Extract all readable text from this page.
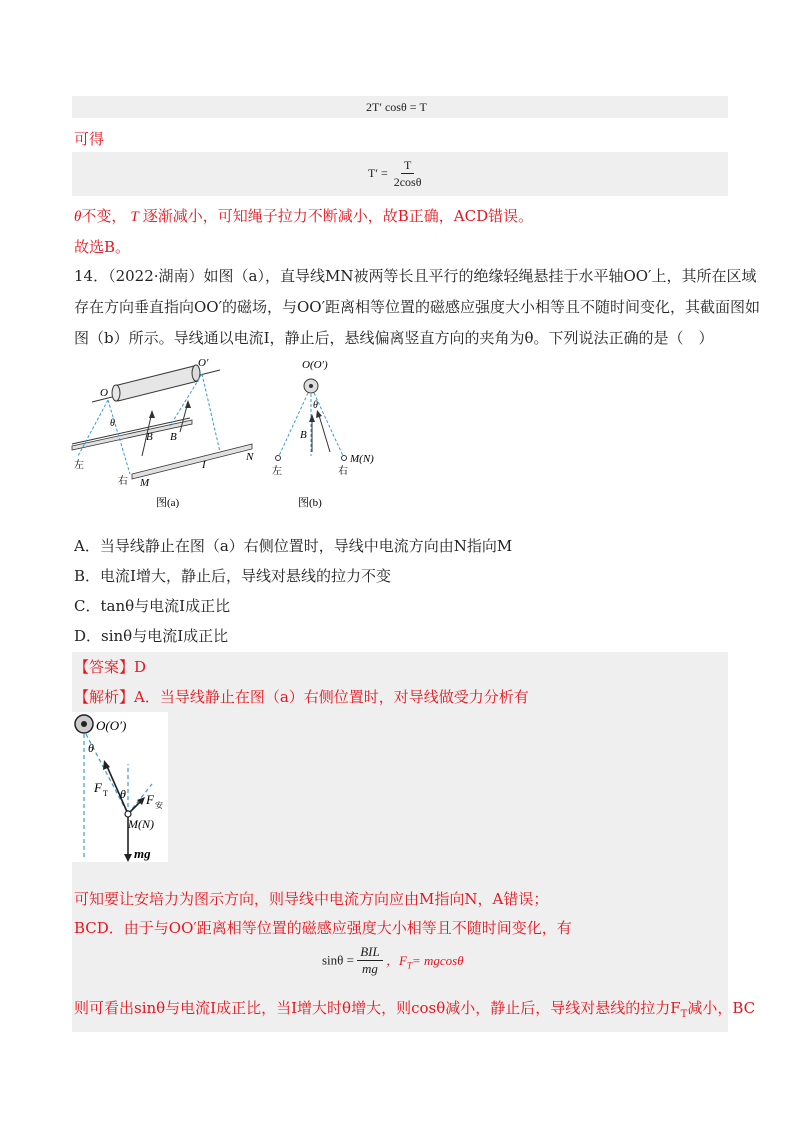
2T′ cosθ = T
可得
$T' = \frac{T}{2\cos\theta}$
θ不变， T 逐渐减小，可知绳子拉力不断减小，故B正确，ACD错误。
故选B。
14．（2022·湖南）如图（a），直导线MN被两等长且平行的绝缘轻绳悬挂于水平轴OO′上，其所在区域
存在方向垂直指向OO′的磁场，与OO′距离相等位置的磁感应强度大小相等且不随时间变化，其截面图如
图（b）所示。导线通以电流I，静止后，悬线偏离竖直方向的夹角为θ。下列说法正确的是（　）
O
O′
θ
B B
I
N
M
左
右
图(a)
O(O′)
θ
B
M(N)
左	右
图(b)
A．当导线静止在图（a）右侧位置时，导线中电流方向由N指向M
B．电流I增大，静止后，导线对悬线的拉力不变
C．tanθ与电流I成正比
D．sinθ与电流I成正比
【答案】D
【解析】A．当导线静止在图（a）右侧位置时，对导线做受力分析有
O(O′)
θ
θ
F T	F 安
M(N)
mg
可知要让安培力为图示方向，则导线中电流方向应由M指向N，A错误；
BCD．由于与OO′距离相等位置的磁感应强度大小相等且不随时间变化，有
$\sin\theta = \frac{\text{BIL}}{mg}$ ，$F_T= mgcos\theta$
则可看出sinθ与电流I成正比，当I增大时θ增大，则cosθ减小，静止后，导线对悬线的拉力$F_T$减小，BC
